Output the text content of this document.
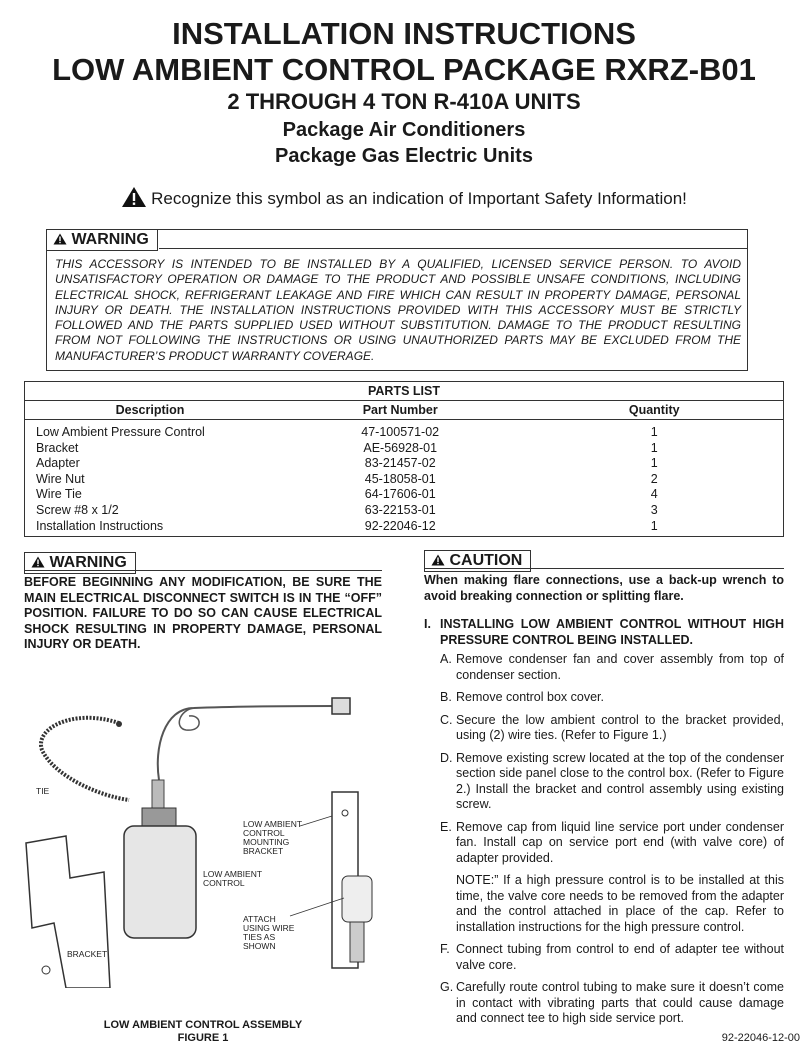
INSTALLATION INSTRUCTIONS
LOW AMBIENT CONTROL PACKAGE RXRZ-B01
2 THROUGH 4 TON R-410A UNITS
Package Air Conditioners
Package Gas Electric Units
Recognize this symbol as an indication of Important Safety Information!
WARNING
THIS ACCESSORY IS INTENDED TO BE INSTALLED BY A QUALIFIED, LICENSED SERVICE PERSON. TO AVOID UNSATISFACTORY OPERATION OR DAMAGE TO THE PRODUCT AND POSSIBLE UNSAFE CONDITIONS, INCLUDING ELECTRICAL SHOCK, REFRIGERANT LEAKAGE AND FIRE WHICH CAN RESULT IN PROPERTY DAMAGE, PERSONAL INJURY OR DEATH. THE INSTALLATION INSTRUCTIONS PROVIDED WITH THIS ACCESSORY MUST BE STRICTLY FOLLOWED AND THE PARTS SUPPLIED USED WITHOUT SUBSTITUTION. DAMAGE TO THE PRODUCT RESULTING FROM NOT FOLLOWING THE INSTRUCTIONS OR USING UNAUTHORIZED PARTS MAY BE EXCLUDED FROM THE MANUFACTURER’S PRODUCT WARRANTY COVERAGE.
PARTS LIST		
Description	Part Number	Quantity
Low Ambient Pressure Control	47-100571-02	1
Bracket	AE-56928-01	1
Adapter	83-21457-02	1
Wire Nut	45-18058-01	2
Wire Tie	64-17606-01	4
Screw #8 x 1/2	63-22153-01	3
Installation Instructions	92-22046-12	1
WARNING
BEFORE BEGINNING ANY MODIFICATION, BE SURE THE MAIN ELECTRICAL DISCONNECT SWITCH IS IN THE “OFF” POSITION. FAILURE TO DO SO CAN CAUSE ELECTRICAL SHOCK RESULTING IN PROPERTY DAMAGE, PERSONAL INJURY OR DEATH.
TIE
BRACKET
LOW AMBIENT CONTROL
LOW AMBIENT CONTROL MOUNTING BRACKET
ATTACH USING WIRE TIES AS SHOWN
LOW AMBIENT CONTROL ASSEMBLY
FIGURE 1
CAUTION
When making flare connections, use a back-up wrench to avoid breaking connection or splitting flare.
I. INSTALLING LOW AMBIENT CONTROL WITHOUT HIGH PRESSURE CONTROL BEING INSTALLED.
A. Remove condenser fan and cover assembly from top of condenser section.
B. Remove control box cover.
C. Secure the low ambient control to the bracket provided, using (2) wire ties. (Refer to Figure 1.)
D. Remove existing screw located at the top of the condenser section side panel close to the control box. (Refer to Figure 2.) Install the bracket and control assembly using existing screw.
E. Remove cap from liquid line service port under condenser fan. Install cap on service port end (with valve core) of adapter provided.
NOTE:” If a high pressure control is to be installed at this time, the valve core needs to be removed from the adapter and the control attached in place of the cap. Refer to installation instructions for the high pressure control.
F. Connect tubing from control to end of adapter tee without valve core.
G. Carefully route control tubing to make sure it doesn’t come in contact with vibrating parts that could cause damage and connect tee to high side service port.
92-22046-12-00
